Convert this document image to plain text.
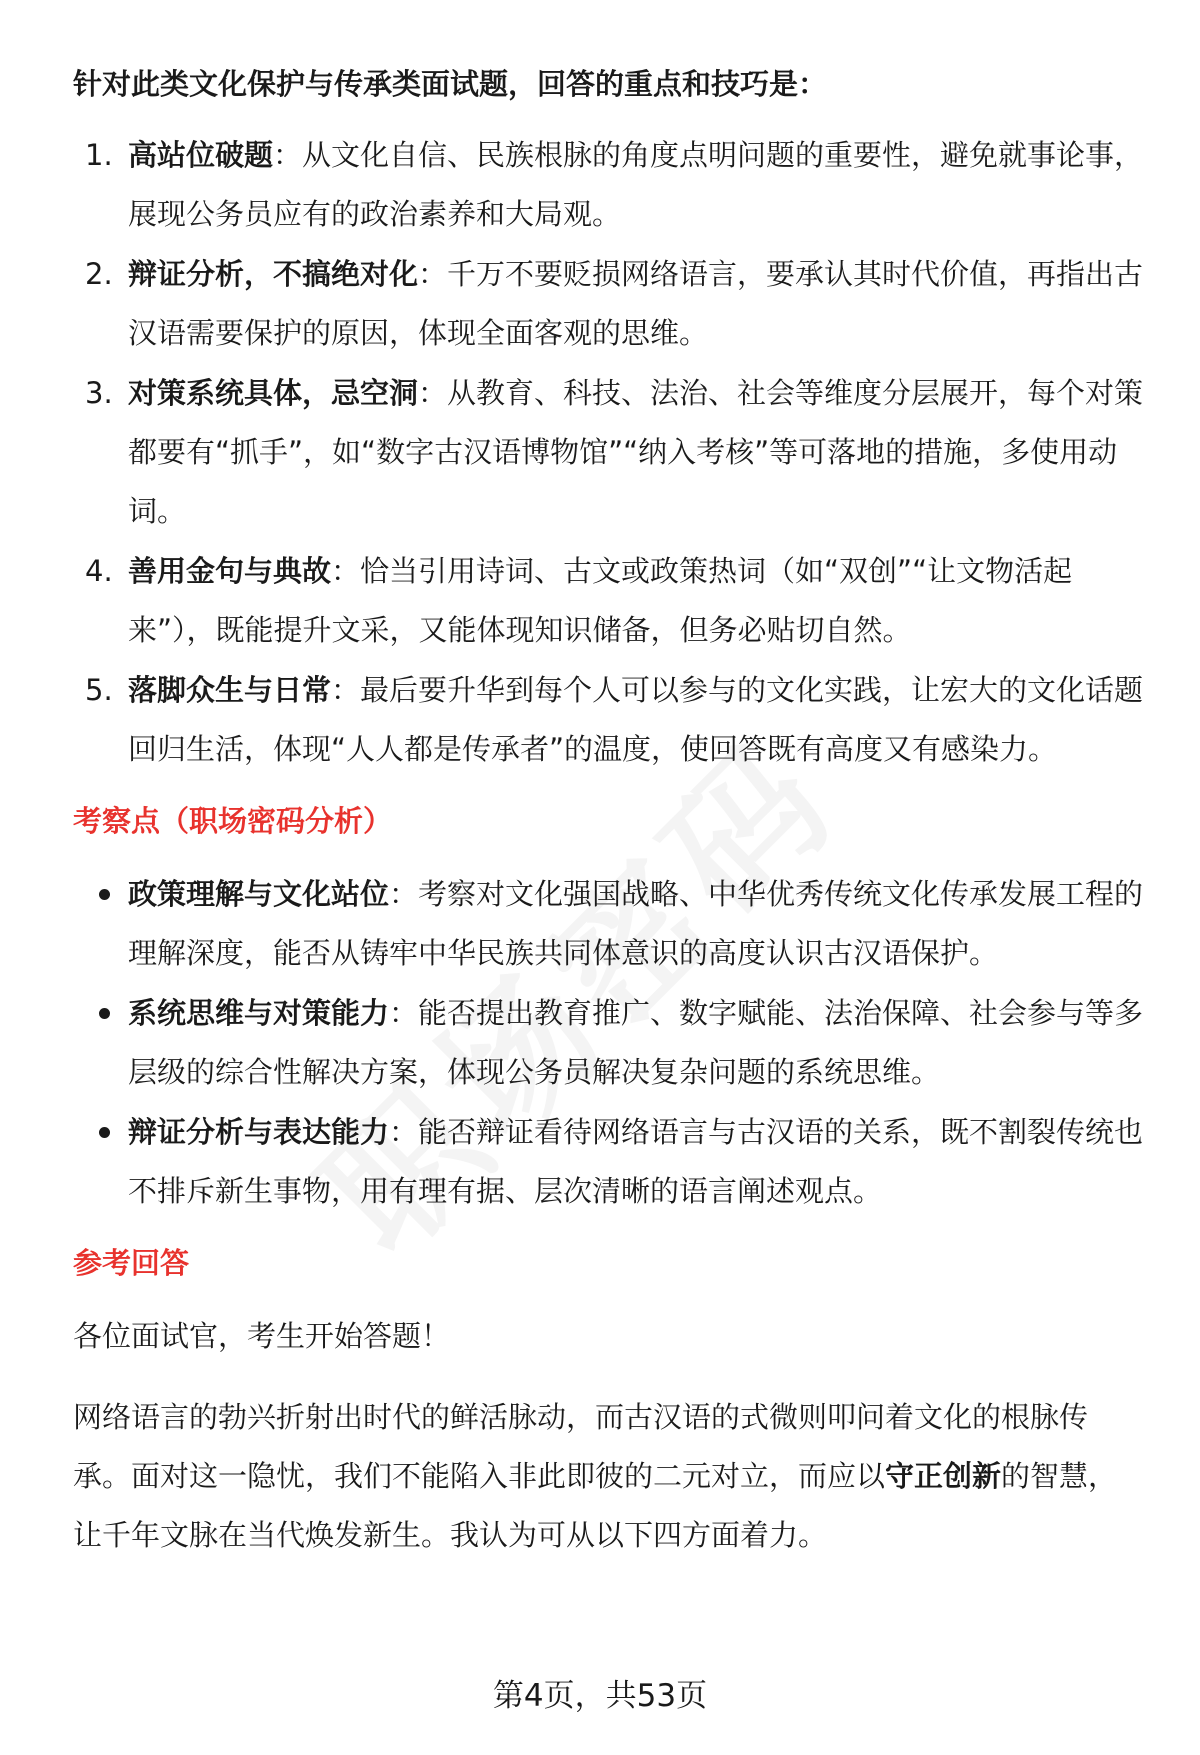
针对此类文化保护与传承类面试题，回答的重点和技巧是：

1. 高站位破题：从文化自信、民族根脉的角度点明问题的重要性，避免就事论事，展现公务员应有的政治素养和大局观。
2. 辩证分析，不搞绝对化：千万不要贬损网络语言，要承认其时代价值，再指出古汉语需要保护的原因，体现全面客观的思维。
3. 对策系统具体，忌空洞：从教育、科技、法治、社会等维度分层展开，每个对策都要有“抓手”，如“数字古汉语博物馆”“纳入考核”等可落地的措施，多使用动词。
4. 善用金句与典故：恰当引用诗词、古文或政策热词（如“双创”“让文物活起来”），既能提升文采，又能体现知识储备，但务必贴切自然。
5. 落脚众生与日常：最后要升华到每个人可以参与的文化实践，让宏大的文化话题回归生活，体现“人人都是传承者”的温度，使回答既有高度又有感染力。
考察点（职场密码分析）
政策理解与文化站位：考察对文化强国战略、中华优秀传统文化传承发展工程的理解深度，能否从铸牢中华民族共同体意识的高度认识古汉语保护。
系统思维与对策能力：能否提出教育推广、数字赋能、法治保障、社会参与等多层级的综合性解决方案，体现公务员解决复杂问题的系统思维。
辩证分析与表达能力：能否辩证看待网络语言与古汉语的关系，既不割裂传统也不排斥新生事物，用有理有据、层次清晰的语言阐述观点。
参考回答

各位面试官，考生开始答题！

网络语言的勃兴折射出时代的鲜活脉动，而古汉语的式微则叩问着文化的根脉传承。面对这一隐忧，我们不能陷入非此即彼的二元对立，而应以守正创新的智慧，让千年文脉在当代焕发新生。我认为可从以下四方面着力。

第4页，共53页
